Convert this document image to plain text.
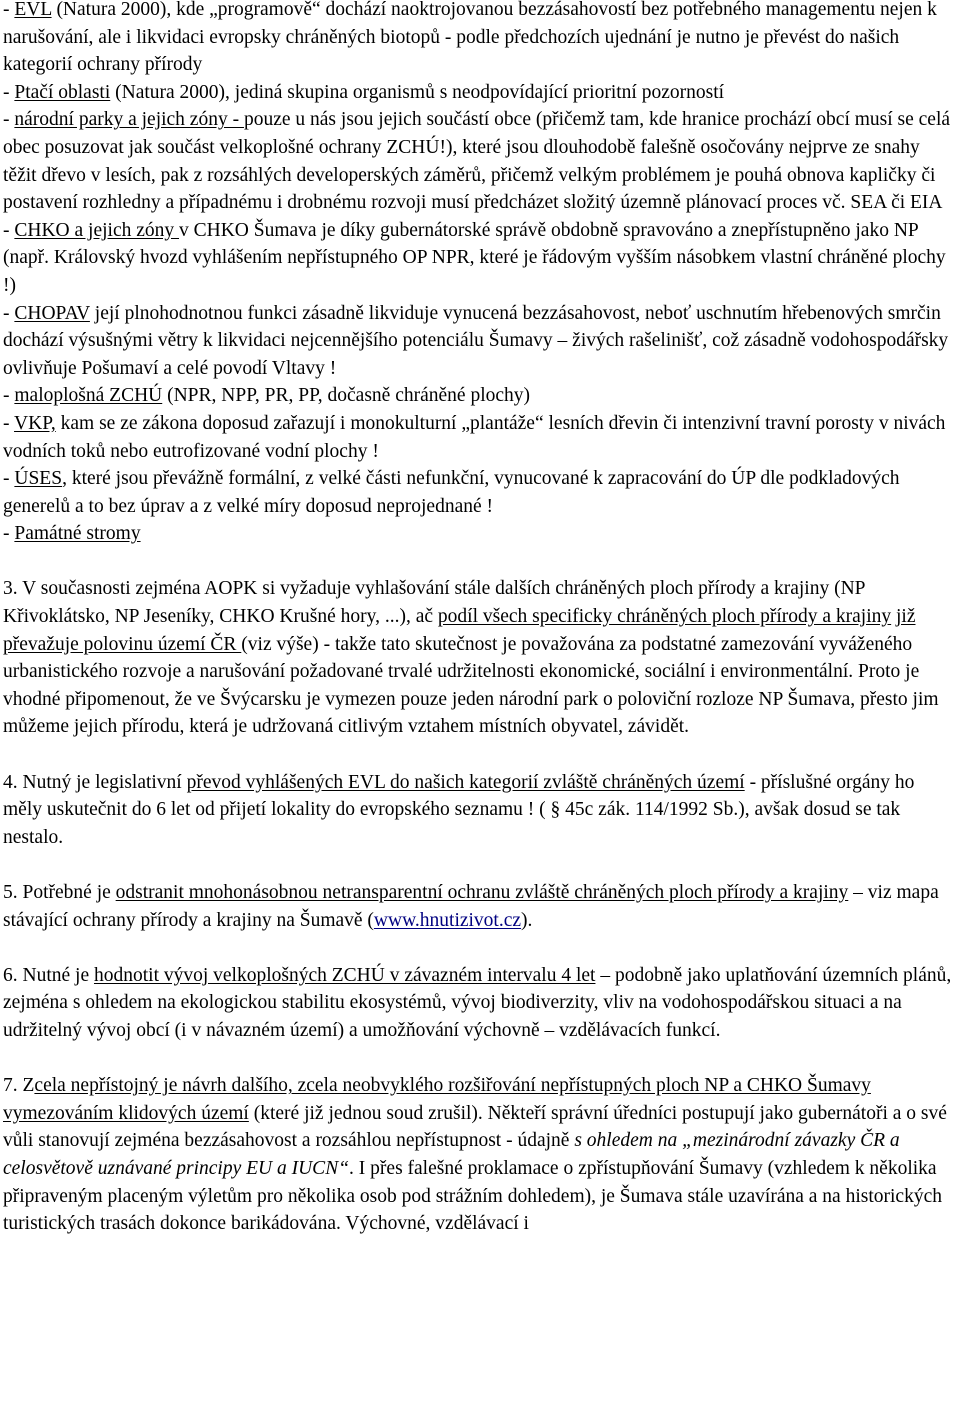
- EVL (Natura 2000), kde „programově“ dochází naoktrojovanou bezzásahovostí bez potřebného managementu nejen k narušování, ale i likvidaci evropsky chráněných biotopů - podle předchozích ujednání je nutno je převést do našich kategorií ochrany přírody

- Ptačí oblasti (Natura 2000), jediná skupina organismů s neodpovídající prioritní pozorností

- národní parky a jejich zóny - pouze u nás jsou jejich součástí obce (přičemž tam, kde hranice prochází obcí musí se celá obec posuzovat jak součást velkoplošné ochrany ZCHÚ!), které jsou dlouhodobě falešně osočovány nejprve ze snahy těžit dřevo v lesích, pak z rozsáhlých developerských záměrů, přičemž velkým problémem je pouhá obnova kapličky či postavení rozhledny a případnému i drobnému rozvoji musí předcházet složitý územně plánovací proces vč. SEA či EIA

- CHKO a jejich zóny v CHKO Šumava je díky gubernátorské správě obdobně spravováno a znepřístupněno jako NP (např. Královský hvozd vyhlášením nepřístupného OP NPR, které je řádovým vyšším násobkem vlastní chráněné plochy !)

- CHOPAV její plnohodnotnou funkci zásadně likviduje vynucená bezzásahovost, neboť uschnutím hřebenových smrčin dochází výsušnými větry k likvidaci nejcennějšího potenciálu Šumavy – živých rašelinišť, což zásadně vodohospodářsky ovlivňuje Pošumaví a celé povodí Vltavy !

- maloplošná ZCHÚ (NPR, NPP, PR, PP, dočasně chráněné plochy)

- VKP, kam se ze zákona doposud zařazují i monokulturní „plantáže“ lesních dřevin či intenzivní travní porosty v nivách vodních toků nebo eutrofizované vodní plochy !

- ÚSES, které jsou převážně formální, z velké části nefunkční, vynucované k zapracování do ÚP dle podkladových generelů a to bez úprav a z velké míry doposud neprojednané !

- Památné stromy

3. V současnosti zejména AOPK si vyžaduje vyhlašování stále dalších chráněných ploch přírody a krajiny (NP Křivoklátsko, NP Jeseníky, CHKO Krušné hory, ...), ač podíl všech specificky chráněných ploch přírody a krajiny již převažuje polovinu území ČR (viz výše) - takže tato skutečnost je považována za podstatné zamezování vyváženého urbanistického rozvoje a narušování požadované trvalé udržitelnosti ekonomické, sociální i environmentální. Proto je vhodné připomenout, že ve Švýcarsku je vymezen pouze jeden národní park o poloviční rozloze NP Šumava, přesto jim můžeme jejich přírodu, která je udržovaná citlivým vztahem místních obyvatel, závidět.

4. Nutný je legislativní převod vyhlášených EVL do našich kategorií zvláště chráněných území - příslušné orgány ho měly uskutečnit do 6 let od přijetí lokality do evropského seznamu ! ( § 45c zák. 114/1992 Sb.), avšak dosud se tak nestalo.

5. Potřebné je odstranit mnohonásobnou netransparentní ochranu zvláště chráněných ploch přírody a krajiny – viz mapa stávající ochrany přírody a krajiny na Šumavě (www.hnutizivot.cz).

6. Nutné je hodnotit vývoj velkoplošných ZCHÚ v závazném intervalu 4 let – podobně jako uplatňování územních plánů, zejména s ohledem na ekologickou stabilitu ekosystémů, vývoj biodiverzity, vliv na vodohospodářskou situaci a na udržitelný vývoj obcí (i v návazném území) a umožňování výchovně – vzdělávacích funkcí.

7. Zcela nepřístojný je návrh dalšího, zcela neobvyklého rozšiřování nepřístupných ploch NP a CHKO Šumavy vymezováním klidových území (které již jednou soud zrušil). Někteří správní úředníci postupují jako gubernátoři a o své vůli stanovují zejména bezzásahovost a rozsáhlou nepřístupnost - údajně s ohledem na „mezinárodní závazky ČR a celosvětově uznávané principy EU a IUCN“. I přes falešné proklamace o zpřístupňování Šumavy (vzhledem k několika připraveným placeným výletům pro několika osob pod strážním dohledem), je Šumava stále uzavírána a na historických turistických trasách dokonce barikádována. Výchovné, vzdělávací i
